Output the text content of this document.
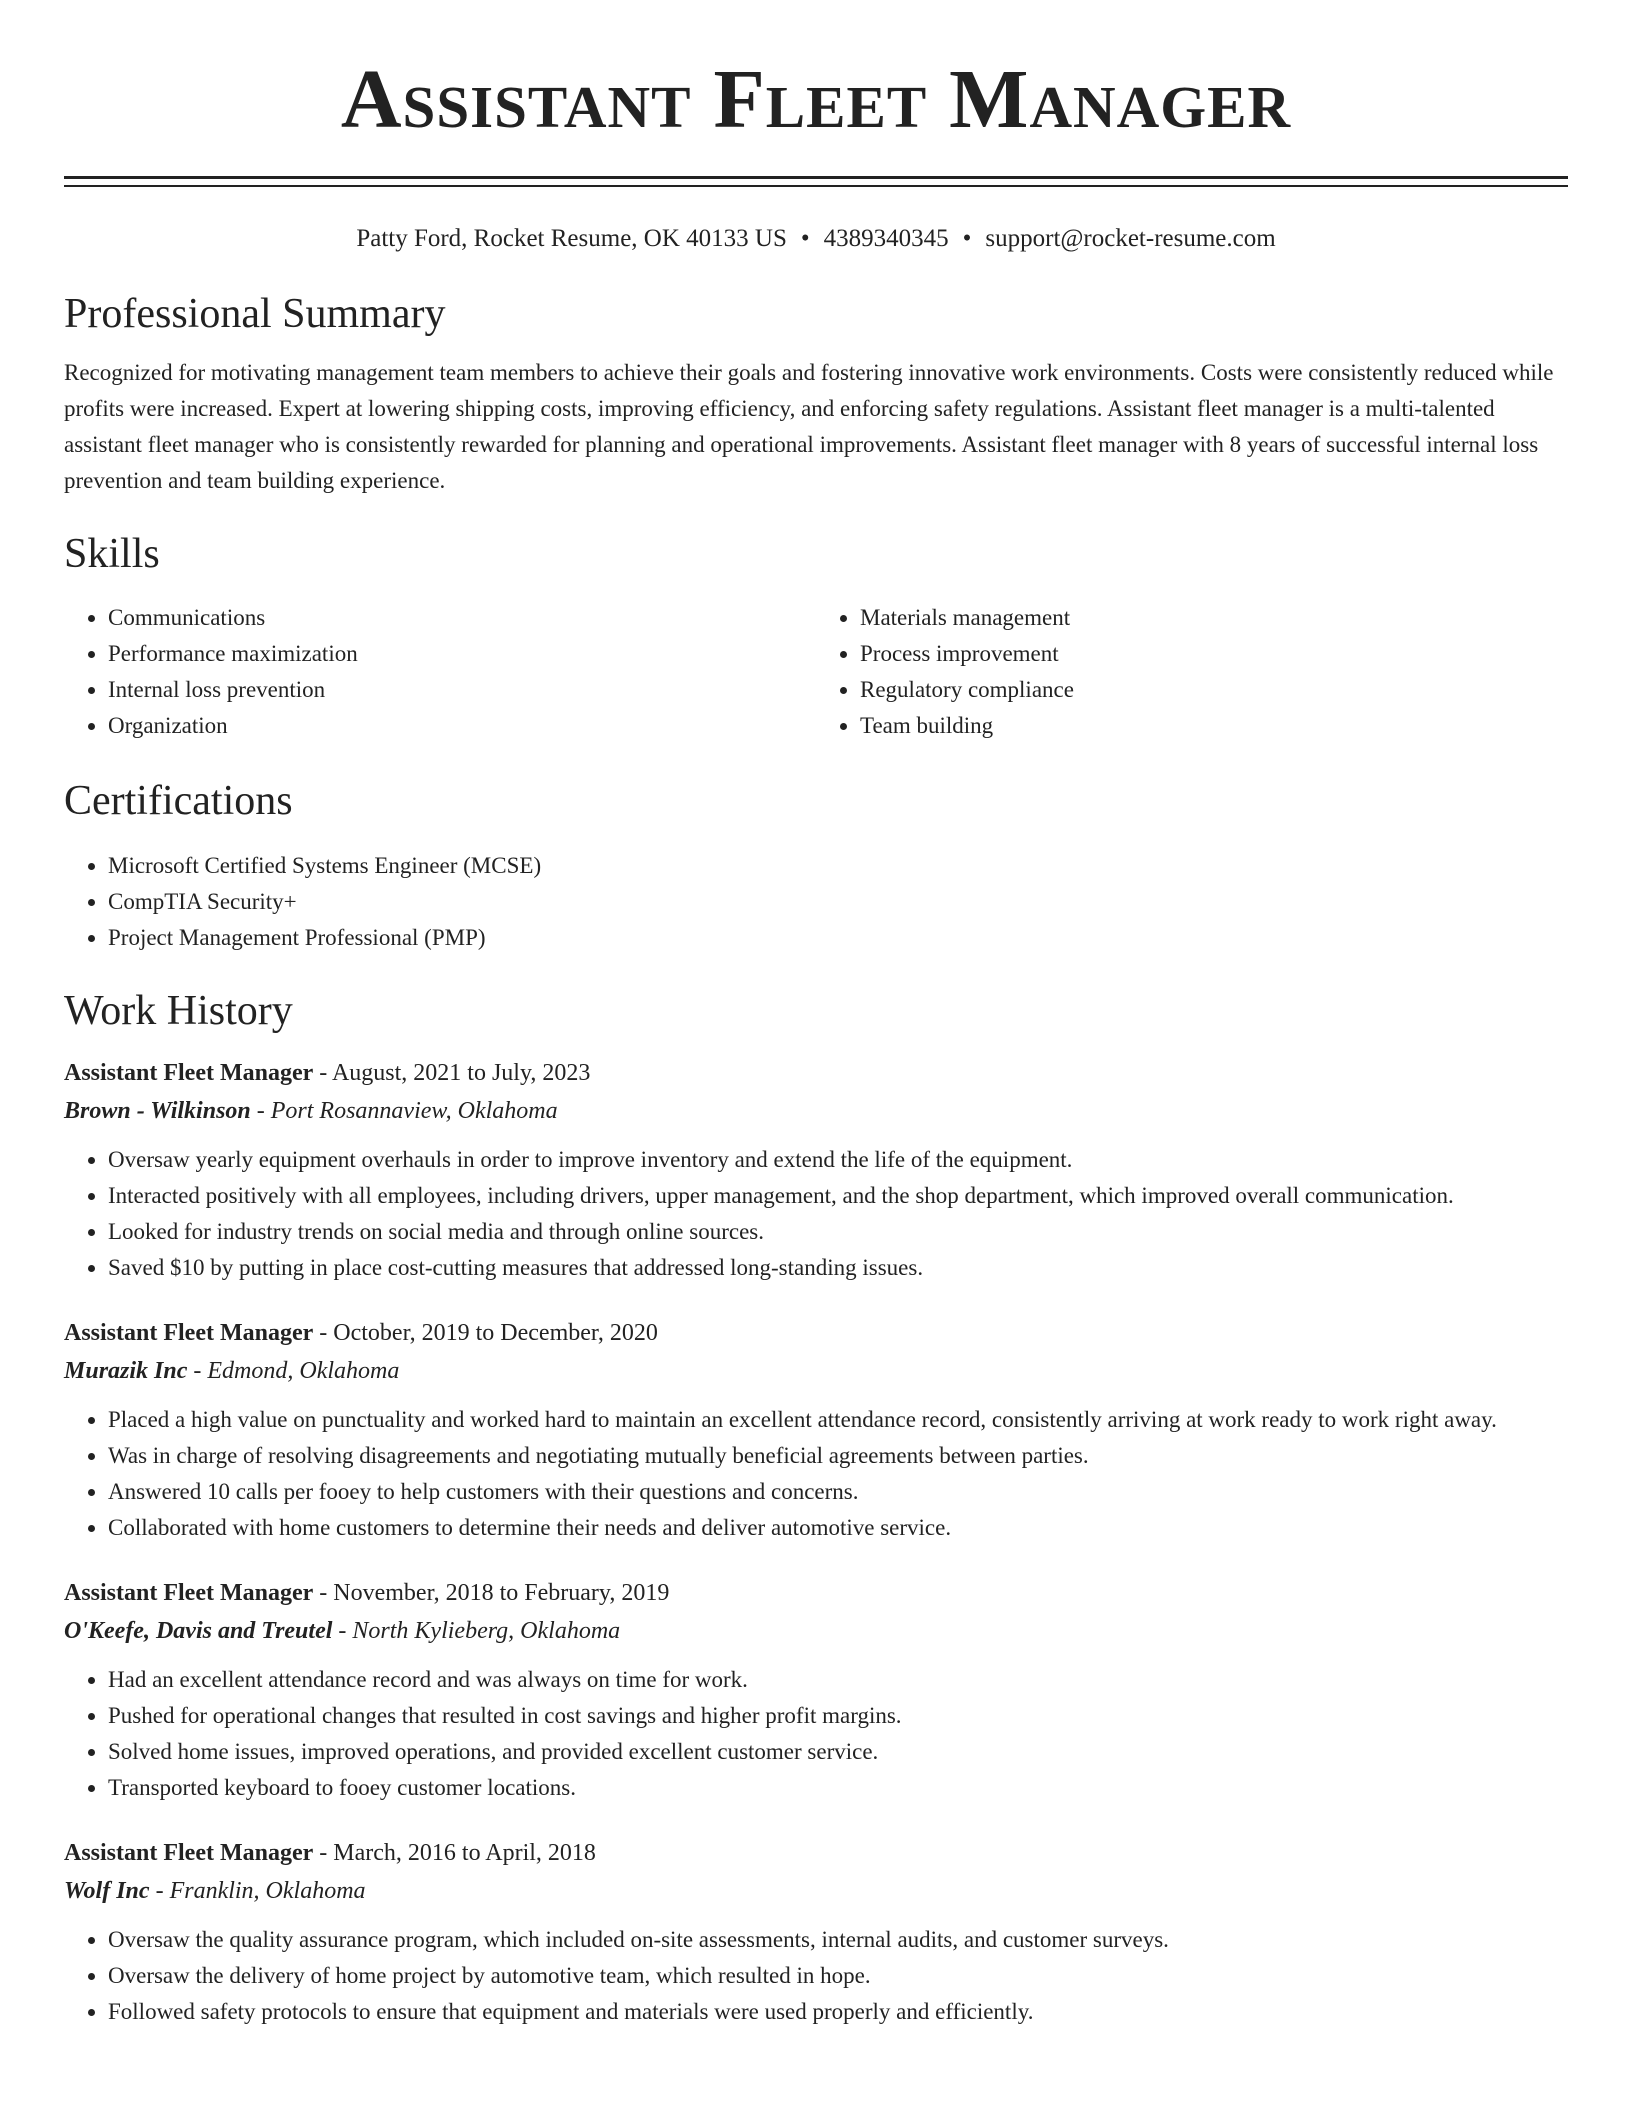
Assistant Fleet Manager
Patty Ford, Rocket Resume, OK 40133 US • 4389340345 • support@rocket-resume.com
Professional Summary

Recognized for motivating management team members to achieve their goals and fostering innovative work environments. Costs were consistently reduced while profits were increased. Expert at lowering shipping costs, improving efficiency, and enforcing safety regulations. Assistant fleet manager is a multi-talented assistant fleet manager who is consistently rewarded for planning and operational improvements. Assistant fleet manager with 8 years of successful internal loss prevention and team building experience.

Skills
• Communications
• Performance maximization
• Internal loss prevention
• Organization
• Materials management
• Process improvement
• Regulatory compliance
• Team building
Certifications
• Microsoft Certified Systems Engineer (MCSE)
• CompTIA Security+
• Project Management Professional (PMP)
Work History
Assistant Fleet Manager - August, 2021 to July, 2023
Brown - Wilkinson - Port Rosannaview, Oklahoma
• Oversaw yearly equipment overhauls in order to improve inventory and extend the life of the equipment.
• Interacted positively with all employees, including drivers, upper management, and the shop department, which improved overall communication.
• Looked for industry trends on social media and through online sources.
• Saved $10 by putting in place cost-cutting measures that addressed long-standing issues.
Assistant Fleet Manager - October, 2019 to December, 2020
Murazik Inc - Edmond, Oklahoma
• Placed a high value on punctuality and worked hard to maintain an excellent attendance record, consistently arriving at work ready to work right away.
• Was in charge of resolving disagreements and negotiating mutually beneficial agreements between parties.
• Answered 10 calls per fooey to help customers with their questions and concerns.
• Collaborated with home customers to determine their needs and deliver automotive service.
Assistant Fleet Manager - November, 2018 to February, 2019
O'Keefe, Davis and Treutel - North Kylieberg, Oklahoma
• Had an excellent attendance record and was always on time for work.
• Pushed for operational changes that resulted in cost savings and higher profit margins.
• Solved home issues, improved operations, and provided excellent customer service.
• Transported keyboard to fooey customer locations.
Assistant Fleet Manager - March, 2016 to April, 2018
Wolf Inc - Franklin, Oklahoma
• Oversaw the quality assurance program, which included on-site assessments, internal audits, and customer surveys.
• Oversaw the delivery of home project by automotive team, which resulted in hope.
• Followed safety protocols to ensure that equipment and materials were used properly and efficiently.
